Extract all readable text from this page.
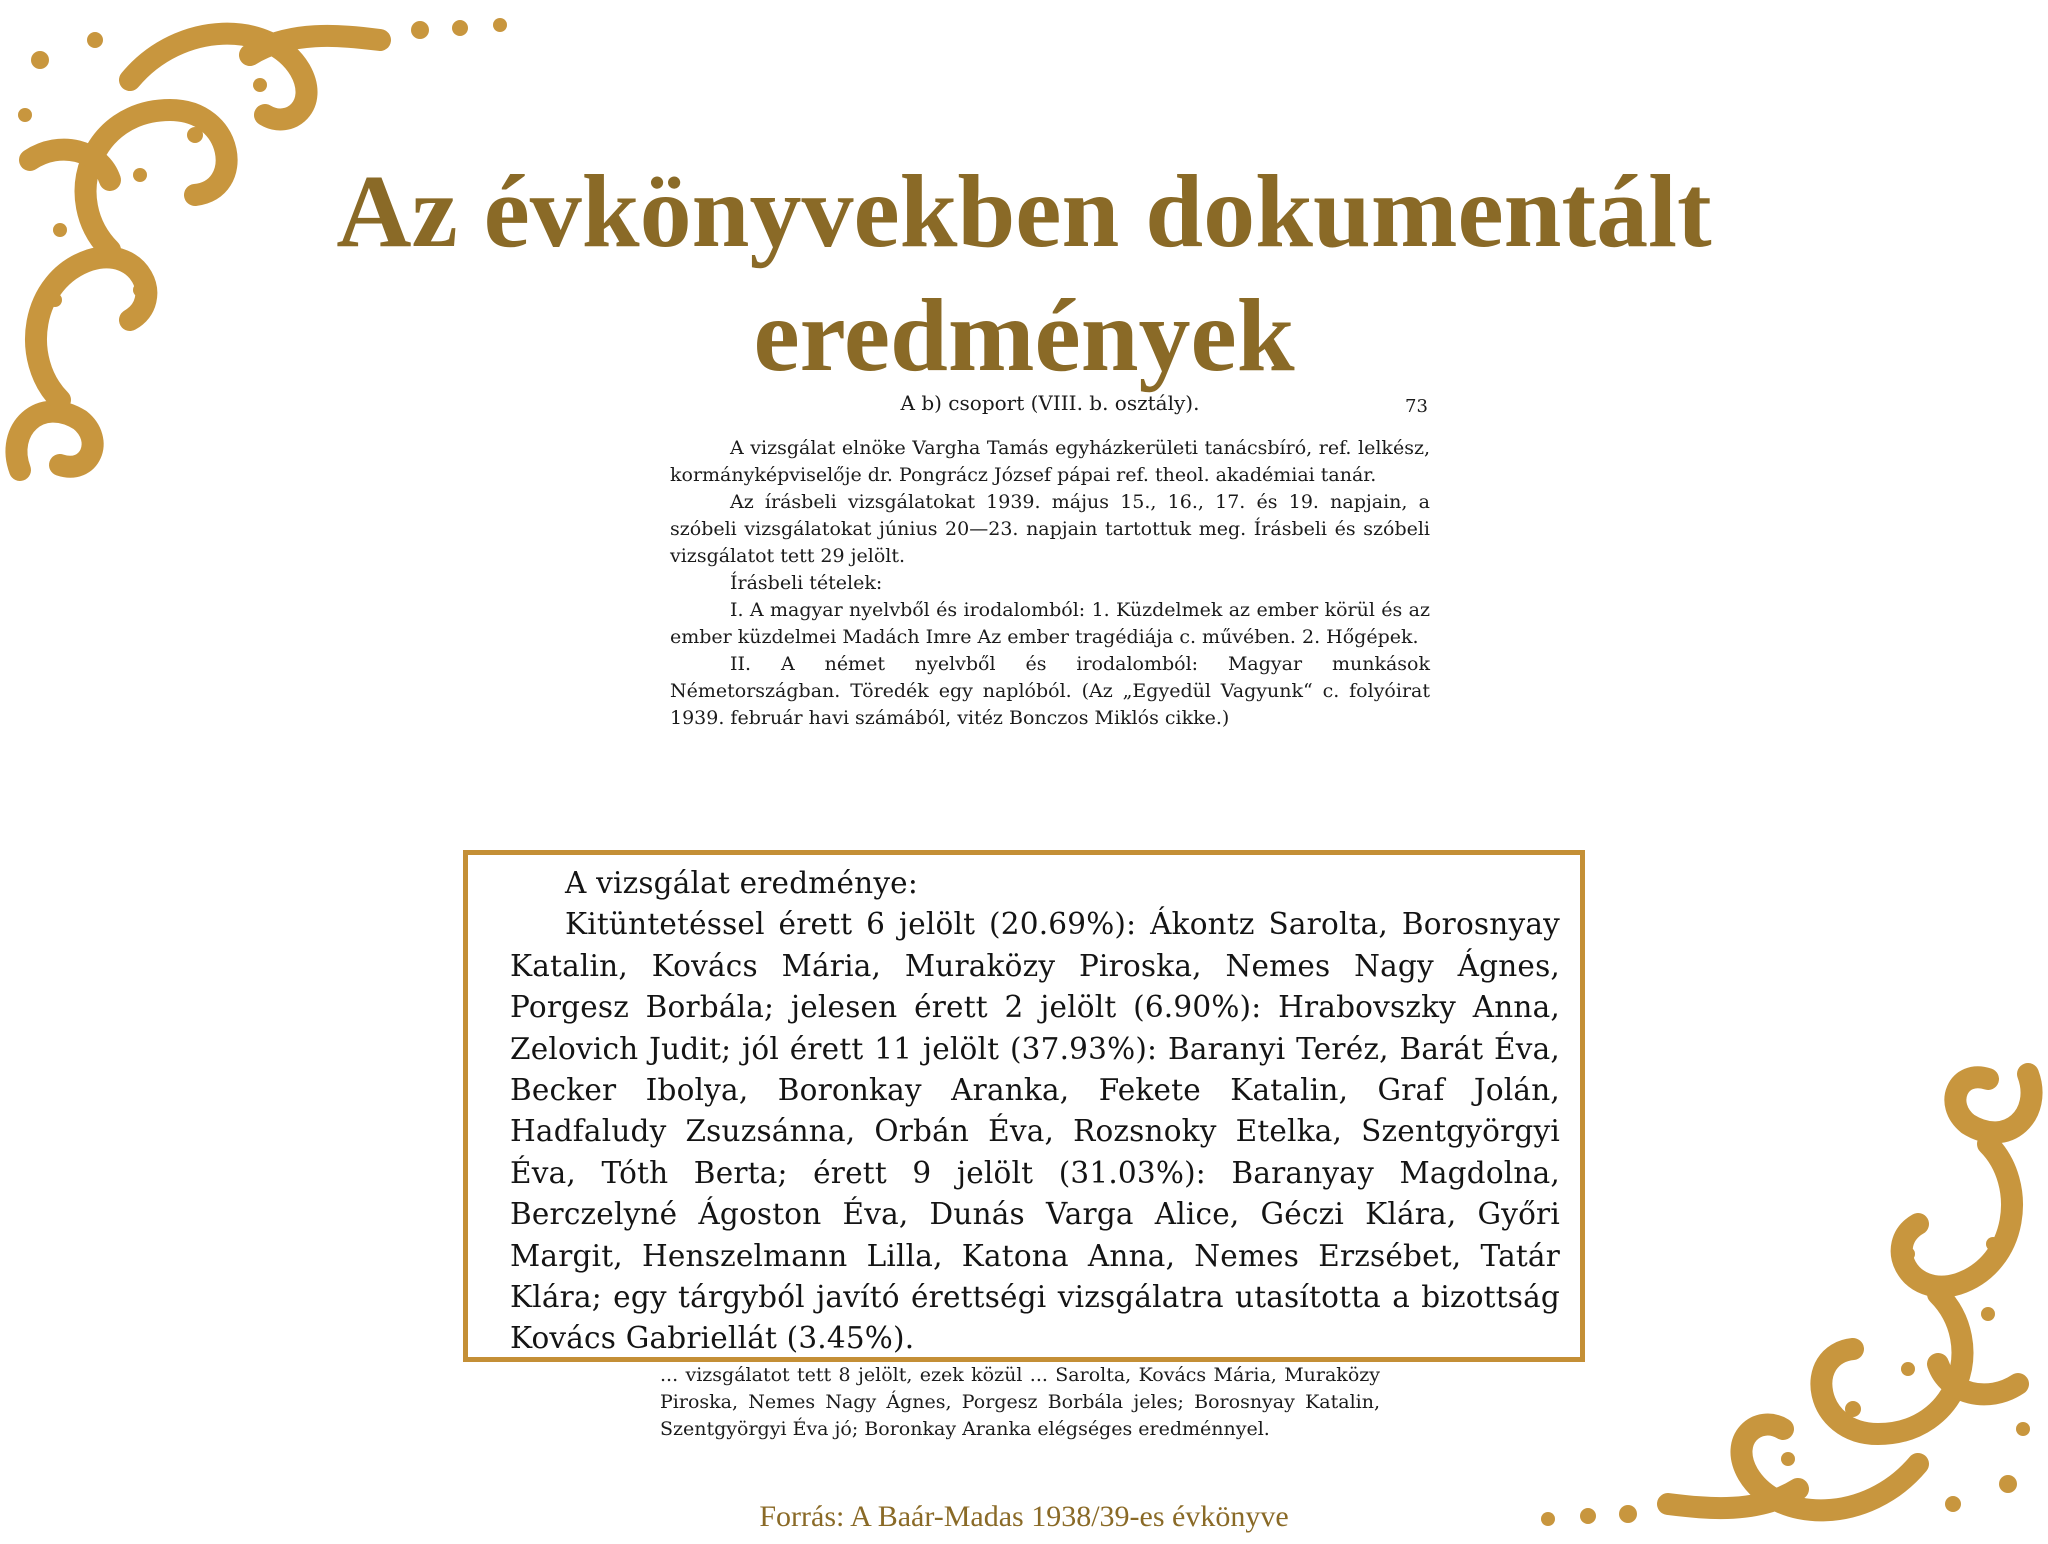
Az évkönyvekben dokumentált eredmények
73

A b) csoport (VIII. b. osztály).

A vizsgálat elnöke Vargha Tamás egyházkerületi tanácsbíró, ref. lelkész, kormányképviselője dr. Pongrácz József pápai ref. theol. akadémiai tanár.

Az írásbeli vizsgálatokat 1939. május 15., 16., 17. és 19. napjain, a szóbeli vizsgálatokat június 20—23. napjain tartottuk meg. Írásbeli és szóbeli vizsgálatot tett 29 jelölt.

Írásbeli tételek:

I. A magyar nyelvből és irodalomból: 1. Küzdelmek az ember körül és az ember küzdelmei Madách Imre Az ember tragédiája c. művében. 2. Hőgépek.

II. A német nyelvből és irodalomból: Magyar munkások Németországban. Töredék egy naplóból. (Az „Egyedül Vagyunk“ c. folyóirat 1939. február havi számából, vitéz Bonczos Miklós cikke.)

A vizsgálat eredménye:

Kitüntetéssel érett 6 jelölt (20.69%): Ákontz Sarolta, Borosnyay Katalin, Kovács Mária, Muraközy Piroska, Nemes Nagy Ágnes, Porgesz Borbála; jelesen érett 2 jelölt (6.90%): Hrabovszky Anna, Zelovich Judit; jól érett 11 jelölt (37.93%): Baranyi Teréz, Barát Éva, Becker Ibolya, Boronkay Aranka, Fekete Katalin, Graf Jolán, Hadfaludy Zsuzsánna, Orbán Éva, Rozsnoky Etelka, Szentgyörgyi Éva, Tóth Berta; érett 9 jelölt (31.03%): Baranyay Magdolna, Berczelyné Ágoston Éva, Dunás Varga Alice, Géczi Klára, Győri Margit, Henszelmann Lilla, Katona Anna, Nemes Erzsébet, Tatár Klára; egy tárgyból javító érettségi vizsgálatra utasította a bizottság Kovács Gabriellát (3.45%).

... vizsgálatot tett 8 jelölt, ezek közül ... Sarolta, Kovács Mária, Muraközy Piroska, Nemes Nagy Ágnes, Porgesz Borbála jeles; Borosnyay Katalin, Szentgyörgyi Éva jó; Boronkay Aranka elégséges eredménnyel.
Forrás: A Baár-Madas 1938/39-es évkönyve
